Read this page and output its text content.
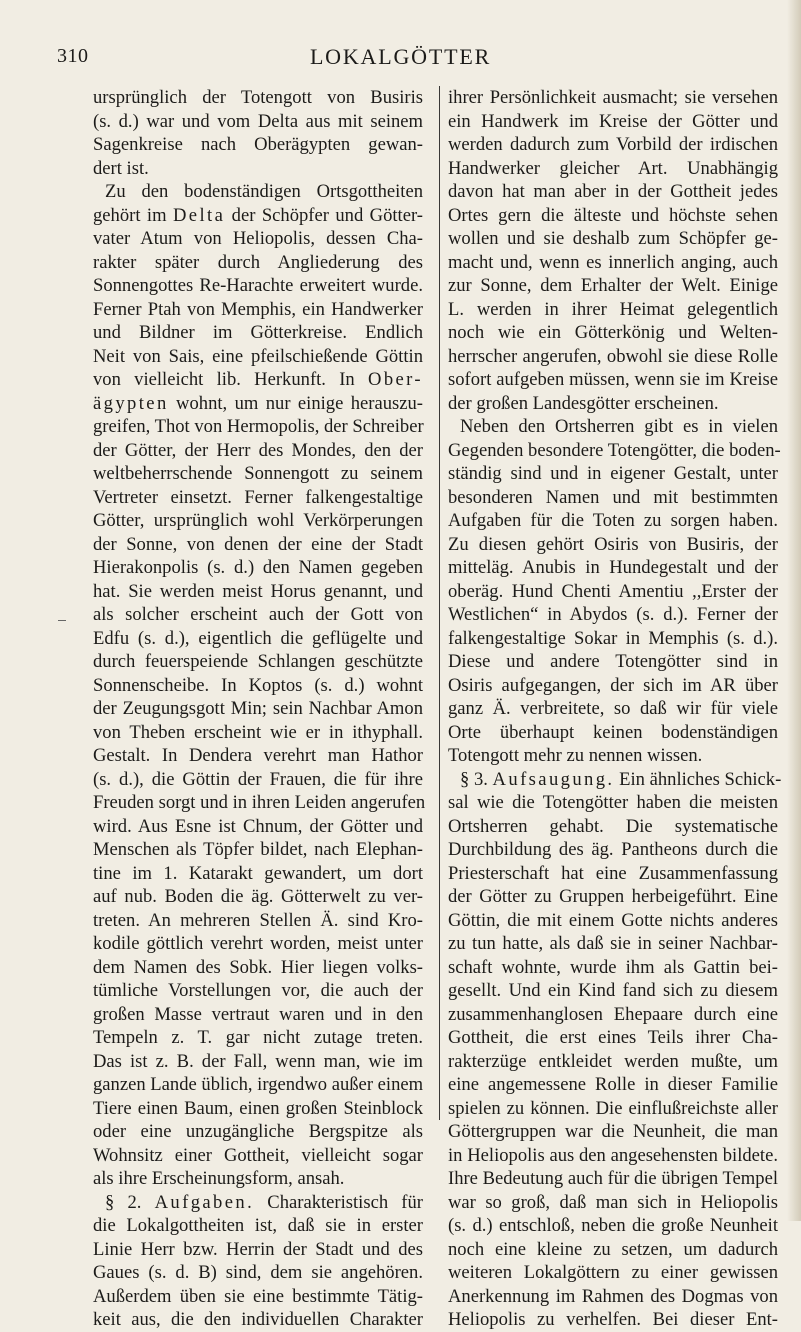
310	LOKALGÖTTER
ursprünglich der Totengott von Busiris
(s. d.) war und vom Delta aus mit seinem
Sagenkreise nach Oberägypten gewan-
dert ist.
Zu den bodenständigen Ortsgottheiten
gehört im Delta der Schöpfer und Götter-
vater Atum von Heliopolis, dessen Cha-
rakter später durch Angliederung des
Sonnengottes Re-Harachte erweitert wurde.
Ferner Ptah von Memphis, ein Handwerker
und Bildner im Götterkreise. Endlich
Neit von Sais, eine pfeilschießende Göttin
von vielleicht lib. Herkunft. In Ober-
ägypten wohnt, um nur einige herauszu-
greifen, Thot von Hermopolis, der Schreiber
der Götter, der Herr des Mondes, den der
weltbeherrschende Sonnengott zu seinem
Vertreter einsetzt. Ferner falkengestaltige
Götter, ursprünglich wohl Verkörperungen
der Sonne, von denen der eine der Stadt
Hierakonpolis (s. d.) den Namen gegeben
hat. Sie werden meist Horus genannt, und
als solcher erscheint auch der Gott von
Edfu (s. d.), eigentlich die geflügelte und
durch feuerspeiende Schlangen geschützte
Sonnenscheibe. In Koptos (s. d.) wohnt
der Zeugungsgott Min; sein Nachbar Amon
von Theben erscheint wie er in ithyphall.
Gestalt. In Dendera verehrt man Hathor
(s. d.), die Göttin der Frauen, die für ihre
Freuden sorgt und in ihren Leiden angerufen
wird. Aus Esne ist Chnum, der Götter und
Menschen als Töpfer bildet, nach Elephan-
tine im 1. Katarakt gewandert, um dort
auf nub. Boden die äg. Götterwelt zu ver-
treten. An mehreren Stellen Ä. sind Kro-
kodile göttlich verehrt worden, meist unter
dem Namen des Sobk. Hier liegen volks-
tümliche Vorstellungen vor, die auch der
großen Masse vertraut waren und in den
Tempeln z. T. gar nicht zutage treten.
Das ist z. B. der Fall, wenn man, wie im
ganzen Lande üblich, irgendwo außer einem
Tiere einen Baum, einen großen Steinblock
oder eine unzugängliche Bergspitze als
Wohnsitz einer Gottheit, vielleicht sogar
als ihre Erscheinungsform, ansah.
§ 2. Aufgaben. Charakteristisch für
die Lokalgottheiten ist, daß sie in erster
Linie Herr bzw. Herrin der Stadt und des
Gaues (s. d. B) sind, dem sie angehören.
Außerdem üben sie eine bestimmte Tätig-
keit aus, die den individuellen Charakter
ihrer Persönlichkeit ausmacht; sie versehen
ein Handwerk im Kreise der Götter und
werden dadurch zum Vorbild der irdischen
Handwerker gleicher Art. Unabhängig
davon hat man aber in der Gottheit jedes
Ortes gern die älteste und höchste sehen
wollen und sie deshalb zum Schöpfer ge-
macht und, wenn es innerlich anging, auch
zur Sonne, dem Erhalter der Welt. Einige
L. werden in ihrer Heimat gelegentlich
noch wie ein Götterkönig und Welten-
herrscher angerufen, obwohl sie diese Rolle
sofort aufgeben müssen, wenn sie im Kreise
der großen Landesgötter erscheinen.
Neben den Ortsherren gibt es in vielen
Gegenden besondere Totengötter, die boden-
ständig sind und in eigener Gestalt, unter
besonderen Namen und mit bestimmten
Aufgaben für die Toten zu sorgen haben.
Zu diesen gehört Osiris von Busiris, der
mitteläg. Anubis in Hundegestalt und der
oberäg. Hund Chenti Amentiu ,,Erster der
Westlichen“ in Abydos (s. d.). Ferner der
falkengestaltige Sokar in Memphis (s. d.).
Diese und andere Totengötter sind in
Osiris aufgegangen, der sich im AR über
ganz Ä. verbreitete, so daß wir für viele
Orte überhaupt keinen bodenständigen
Totengott mehr zu nennen wissen.
§ 3. Aufsaugung. Ein ähnliches Schick-
sal wie die Totengötter haben die meisten
Ortsherren gehabt. Die systematische
Durchbildung des äg. Pantheons durch die
Priesterschaft hat eine Zusammenfassung
der Götter zu Gruppen herbeigeführt. Eine
Göttin, die mit einem Gotte nichts anderes
zu tun hatte, als daß sie in seiner Nachbar-
schaft wohnte, wurde ihm als Gattin bei-
gesellt. Und ein Kind fand sich zu diesem
zusammenhanglosen Ehepaare durch eine
Gottheit, die erst eines Teils ihrer Cha-
rakterzüge entkleidet werden mußte, um
eine angemessene Rolle in dieser Familie
spielen zu können. Die einflußreichste aller
Göttergruppen war die Neunheit, die man
in Heliopolis aus den angesehensten bildete.
Ihre Bedeutung auch für die übrigen Tempel
war so groß, daß man sich in Heliopolis
(s. d.) entschloß, neben die große Neunheit
noch eine kleine zu setzen, um dadurch
weiteren Lokalgöttern zu einer gewissen
Anerkennung im Rahmen des Dogmas von
Heliopolis zu verhelfen. Bei dieser Ent-
